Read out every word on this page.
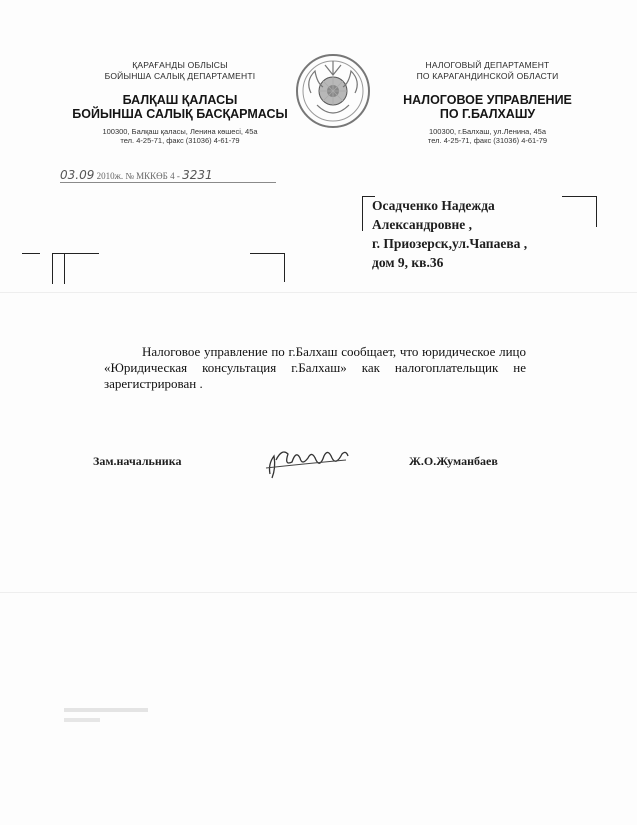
ҚАРАҒАНДЫ ОБЛЫСЫ
БОЙЫНША САЛЫҚ ДЕПАРТАМЕНТІ
БАЛҚАШ ҚАЛАСЫ
БОЙЫНША САЛЫҚ БАСҚАРМАСЫ
100300, Балқаш қаласы, Ленина көшесі, 45а
тел. 4-25-71, факс (31036) 4-61-79
НАЛОГОВЫЙ ДЕПАРТАМЕНТ
ПО КАРАГАНДИНСКОЙ ОБЛАСТИ
НАЛОГОВОЕ УПРАВЛЕНИЕ
ПО Г.БАЛХАШУ
100300, г.Балхаш, ул.Ленина, 45а
тел. 4-25-71, факс (31036) 4-61-79
03.09 2010ж. № МККӨБ 4 - 3231
Осадченко Надежда
Александровне ,
г. Приозерск,ул.Чапаева ,
дом 9, кв.36
Налоговое управление по г.Балхаш сообщает, что юридическое лицо «Юридическая консультация г.Балхаш» как налогоплательщик не зарегистрирован .
Зам.начальника	Ж.О.Жуманбаев
